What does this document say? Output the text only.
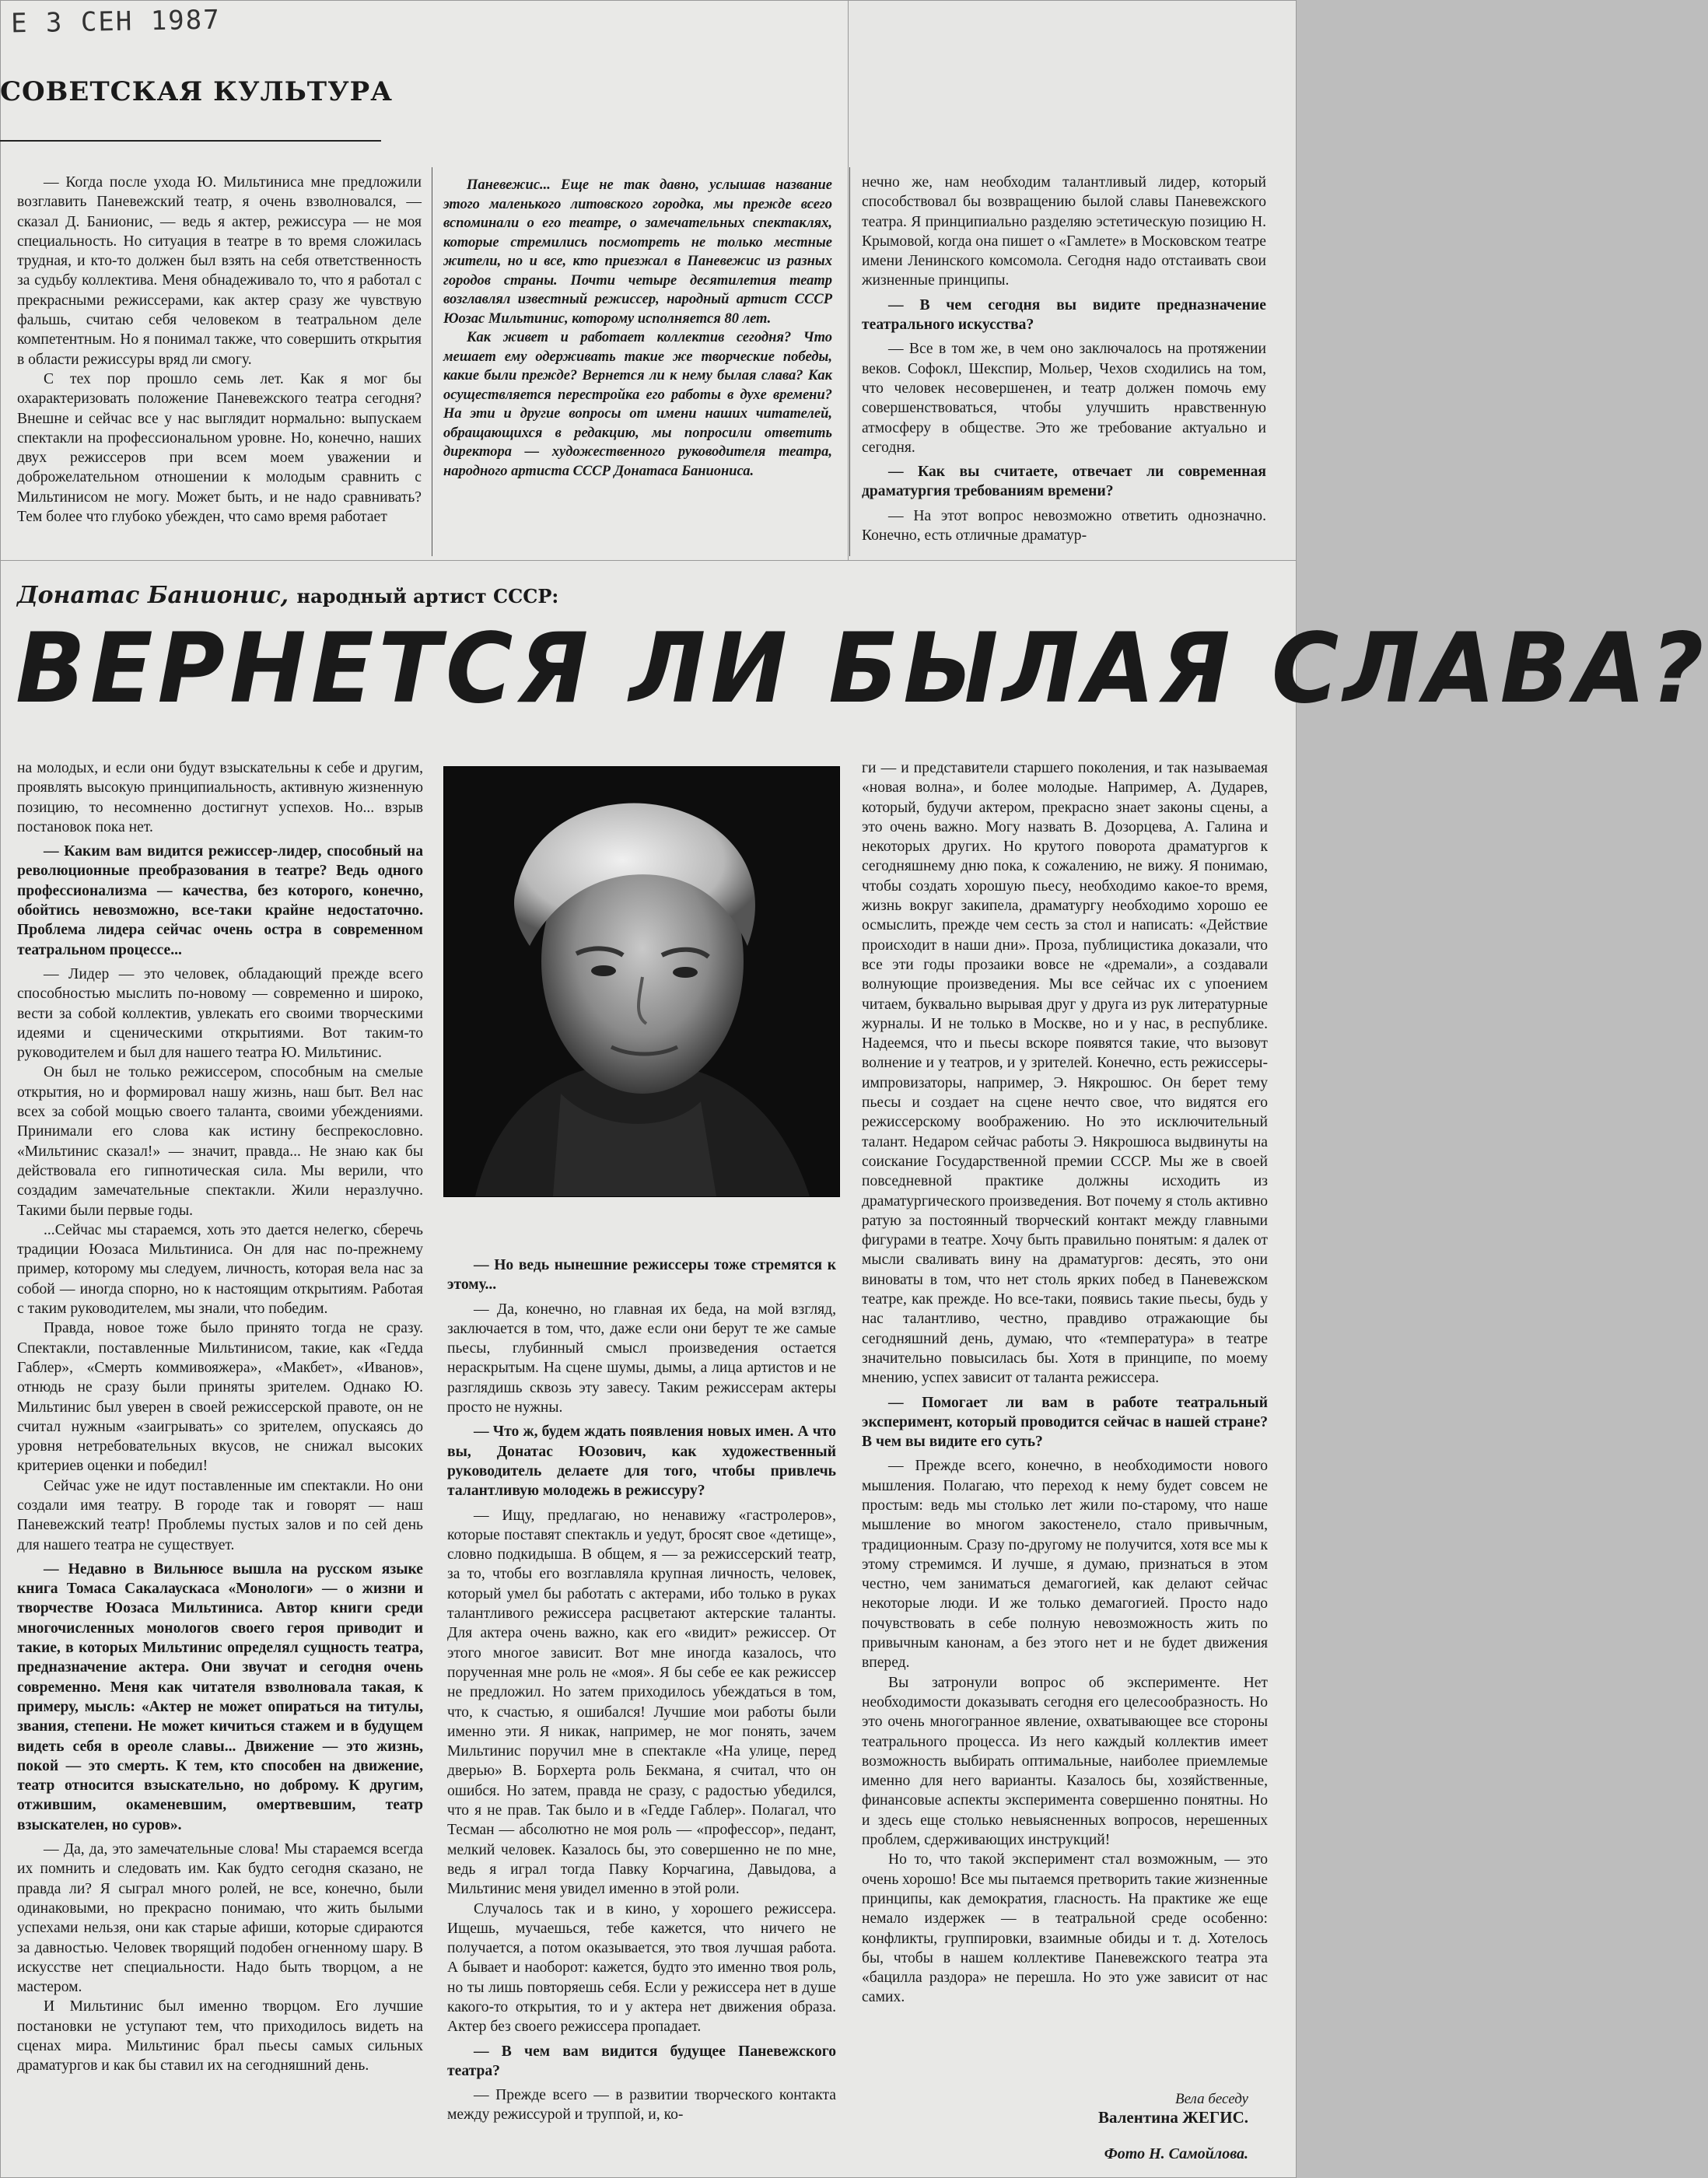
Е 3 СЕН 1987
СОВЕТСКАЯ КУЛЬТУРА

— Когда после ухода Ю. Мильтиниса мне предложили возглавить Паневежский театр, я очень взволновался, — сказал Д. Банионис, — ведь я актер, режиссура — не моя специальность. Но ситуация в театре в то время сложилась трудная, и кто-то должен был взять на себя ответственность за судьбу коллектива. Меня обнадеживало то, что я работал с прекрасными режиссерами, как актер сразу же чувствую фальшь, считаю себя человеком в театральном деле компетентным. Но я понимал также, что совершить открытия в области режиссуры вряд ли смогу.

С тех пор прошло семь лет. Как я мог бы охарактеризовать положение Паневежского театра сегодня? Внешне и сейчас все у нас выглядит нормально: выпускаем спектакли на профессиональном уровне. Но, конечно, наших двух режиссеров при всем моем уважении и доброжелательном отношении к молодым сравнить с Мильтинисом не могу. Может быть, и не надо сравнивать? Тем более что глубоко убежден, что само время работает

Паневежис... Еще не так давно, услышав название этого маленького литовского городка, мы прежде всего вспоминали о его театре, о замечательных спектаклях, которые стремились посмотреть не только местные жители, но и все, кто приезжал в Паневежис из разных городов страны. Почти четыре десятилетия театр возглавлял известный режиссер, народный артист СССР Юозас Мильтинис, которому исполняется 80 лет.

Как живет и работает коллектив сегодня? Что мешает ему одерживать такие же творческие победы, какие были прежде? Вернется ли к нему былая слава? Как осуществляется перестройка его работы в духе времени? На эти и другие вопросы от имени наших читателей, обращающихся в редакцию, мы попросили ответить директора — художественного руководителя театра, народного артиста СССР Донатаса Баниониса.

нечно же, нам необходим талантливый лидер, который способствовал бы возвращению былой славы Паневежского театра. Я принципиально разделяю эстетическую позицию Н. Крымовой, когда она пишет о «Гамлете» в Московском театре имени Ленинского комсомола. Сегодня надо отстаивать свои жизненные принципы.

— В чем сегодня вы видите предназначение театрального искусства?

— Все в том же, в чем оно заключалось на протяжении веков. Софокл, Шекспир, Мольер, Чехов сходились на том, что человек несовершенен, и театр должен помочь ему совершенствоваться, чтобы улучшить нравственную атмосферу в обществе. Это же требование актуально и сегодня.

— Как вы считаете, отвечает ли современная драматургия требованиям времени?

— На этот вопрос невозможно ответить однозначно. Конечно, есть отличные драматур-

Донатас Банионис, народный артист СССР:
ВЕРНЕТСЯ ЛИ БЫЛАЯ СЛАВА?

на молодых, и если они будут взыскательны к себе и другим, проявлять высокую принципиальность, активную жизненную позицию, то несомненно достигнут успехов. Но... взрыв постановок пока нет.

— Каким вам видится режиссер-лидер, способный на революционные преобразования в театре? Ведь одного профессионализма — качества, без которого, конечно, обойтись невозможно, все-таки крайне недостаточно. Проблема лидера сейчас очень остра в современном театральном процессе...

— Лидер — это человек, обладающий прежде всего способностью мыслить по-новому — современно и широко, вести за собой коллектив, увлекать его своими творческими идеями и сценическими открытиями. Вот таким-то руководителем и был для нашего театра Ю. Мильтинис.

Он был не только режиссером, способным на смелые открытия, но и формировал нашу жизнь, наш быт. Вел нас всех за собой мощью своего таланта, своими убеждениями. Принимали его слова как истину беспрекословно. «Мильтинис сказал!» — значит, правда... Не знаю как бы действовала его гипнотическая сила. Мы верили, что создадим замечательные спектакли. Жили неразлучно. Такими были первые годы.

...Сейчас мы стараемся, хоть это дается нелегко, сберечь традиции Юозаса Мильтиниса. Он для нас по-прежнему пример, которому мы следуем, личность, которая вела нас за собой — иногда спорно, но к настоящим открытиям. Работая с таким руководителем, мы знали, что победим.

Правда, новое тоже было принято тогда не сразу. Спектакли, поставленные Мильтинисом, такие, как «Гедда Габлер», «Смерть коммивояжера», «Макбет», «Иванов», отнюдь не сразу были приняты зрителем. Однако Ю. Мильтинис был уверен в своей режиссерской правоте, он не считал нужным «заигрывать» со зрителем, опускаясь до уровня нетребовательных вкусов, не снижал высоких критериев оценки и победил!

Сейчас уже не идут поставленные им спектакли. Но они создали имя театру. В городе так и говорят — наш Паневежский театр! Проблемы пустых залов и по сей день для нашего театра не существует.

— Недавно в Вильнюсе вышла на русском языке книга Томаса Сакалаускаса «Монологи» — о жизни и творчестве Юозаса Мильтиниса. Автор книги среди многочисленных монологов своего героя приводит и такие, в которых Мильтинис определял сущность театра, предназначение актера. Они звучат и сегодня очень современно. Меня как читателя взволновала такая, к примеру, мысль: «Актер не может опираться на титулы, звания, степени. Не может кичиться стажем и в будущем видеть себя в ореоле славы... Движение — это жизнь, покой — это смерть. К тем, кто способен на движение, театр относится взыскательно, но доброму. К другим, отжившим, окаменевшим, омертвевшим, театр взыскателен, но суров».

— Да, да, это замечательные слова! Мы стараемся всегда их помнить и следовать им. Как будто сегодня сказано, не правда ли? Я сыграл много ролей, не все, конечно, были одинаковыми, но прекрасно понимаю, что жить былыми успехами нельзя, они как старые афиши, которые сдираются за давностью. Человек творящий подобен огненному шару. В искусстве нет специальности. Надо быть творцом, а не мастером.

И Мильтинис был именно творцом. Его лучшие постановки не уступают тем, что приходилось видеть на сценах мира. Мильтинис брал пьесы самых сильных драматургов и как бы ставил их на сегодняшний день.

— Но ведь нынешние режиссеры тоже стремятся к этому...

— Да, конечно, но главная их беда, на мой взгляд, заключается в том, что, даже если они берут те же самые пьесы, глубинный смысл произведения остается нераскрытым. На сцене шумы, дымы, а лица артистов и не разглядишь сквозь эту завесу. Таким режиссерам актеры просто не нужны.

— Что ж, будем ждать появления новых имен. А что вы, Донатас Юозович, как художественный руководитель делаете для того, чтобы привлечь талантливую молодежь в режиссуру?

— Ищу, предлагаю, но ненавижу «гастролеров», которые поставят спектакль и уедут, бросят свое «детище», словно подкидыша. В общем, я — за режиссерский театр, за то, чтобы его возглавляла крупная личность, человек, который умел бы работать с актерами, ибо только в руках талантливого режиссера расцветают актерские таланты. Для актера очень важно, как его «видит» режиссер. От этого многое зависит. Вот мне иногда казалось, что порученная мне роль не «моя». Я бы себе ее как режиссер не предложил. Но затем приходилось убеждаться в том, что, к счастью, я ошибался! Лучшие мои работы были именно эти. Я никак, например, не мог понять, зачем Мильтинис поручил мне в спектакле «На улице, перед дверью» В. Борхерта роль Бекмана, я считал, что он ошибся. Но затем, правда не сразу, с радостью убедился, что я не прав. Так было и в «Гедде Габлер». Полагал, что Тесман — абсолютно не моя роль — «профессор», педант, мелкий человек. Казалось бы, это совершенно не по мне, ведь я играл тогда Павку Корчагина, Давыдова, а Мильтинис меня увидел именно в этой роли.

Случалось так и в кино, у хорошего режиссера. Ищешь, мучаешься, тебе кажется, что ничего не получается, а потом оказывается, это твоя лучшая работа. А бывает и наоборот: кажется, будто это именно твоя роль, но ты лишь повторяешь себя. Если у режиссера нет в душе какого-то открытия, то и у актера нет движения образа. Актер без своего режиссера пропадает.

— В чем вам видится будущее Паневежского театра?

— Прежде всего — в развитии творческого контакта между режиссурой и труппой, и, ко-

ги — и представители старшего поколения, и так называемая «новая волна», и более молодые. Например, А. Дударев, который, будучи актером, прекрасно знает законы сцены, а это очень важно. Могу назвать В. Дозорцева, А. Галина и некоторых других. Но крутого поворота драматургов к сегодняшнему дню пока, к сожалению, не вижу. Я понимаю, чтобы создать хорошую пьесу, необходимо какое-то время, жизнь вокруг закипела, драматургу необходимо хорошо ее осмыслить, прежде чем сесть за стол и написать: «Действие происходит в наши дни». Проза, публицистика доказали, что все эти годы прозаики вовсе не «дремали», а создавали волнующие произведения. Мы все сейчас их с упоением читаем, буквально вырывая друг у друга из рук литературные журналы. И не только в Москве, но и у нас, в республике. Надеемся, что и пьесы вскоре появятся такие, что вызовут волнение и у театров, и у зрителей. Конечно, есть режиссеры-импровизаторы, например, Э. Някрошюс. Он берет тему пьесы и создает на сцене нечто свое, что видятся его режиссерскому воображению. Но это исключительный талант. Недаром сейчас работы Э. Някрошюса выдвинуты на соискание Государственной премии СССР. Мы же в своей повседневной практике должны исходить из драматургического произведения. Вот почему я столь активно ратую за постоянный творческий контакт между главными фигурами в театре. Хочу быть правильно понятым: я далек от мысли сваливать вину на драматургов: десять, это они виноваты в том, что нет столь ярких побед в Паневежском театре, как прежде. Но все-таки, появись такие пьесы, будь у нас талантливо, честно, правдиво отражающие бы сегодняшний день, думаю, что «температура» в театре значительно повысилась бы. Хотя в принципе, по моему мнению, успех зависит от таланта режиссера.

— Помогает ли вам в работе театральный эксперимент, который проводится сейчас в нашей стране? В чем вы видите его суть?

— Прежде всего, конечно, в необходимости нового мышления. Полагаю, что переход к нему будет совсем не простым: ведь мы столько лет жили по-старому, что наше мышление во многом закостенело, стало привычным, традиционным. Сразу по-другому не получится, хотя все мы к этому стремимся. И лучше, я думаю, признаться в этом честно, чем заниматься демагогией, как делают сейчас некоторые люди. И же только демагогией. Просто надо почувствовать в себе полную невозможность жить по привычным канонам, а без этого нет и не будет движения вперед.

Вы затронули вопрос об эксперименте. Нет необходимости доказывать сегодня его целесообразность. Но это очень многогранное явление, охватывающее все стороны театрального процесса. Из него каждый коллектив имеет возможность выбирать оптимальные, наиболее приемлемые именно для него варианты. Казалось бы, хозяйственные, финансовые аспекты эксперимента совершенно понятны. Но и здесь еще столько невыясненных вопросов, нерешенных проблем, сдерживающих инструкций!

Но то, что такой эксперимент стал возможным, — это очень хорошо! Все мы пытаемся претворить такие жизненные принципы, как демократия, гласность. На практике же еще немало издержек — в театральной среде особенно: конфликты, группировки, взаимные обиды и т. д. Хотелось бы, чтобы в нашем коллективе Паневежского театра эта «бацилла раздора» не перешла. Но это уже зависит от нас самих.

Вела беседу
Валентина ЖЕГИС.
Фото Н. Самойлова.
